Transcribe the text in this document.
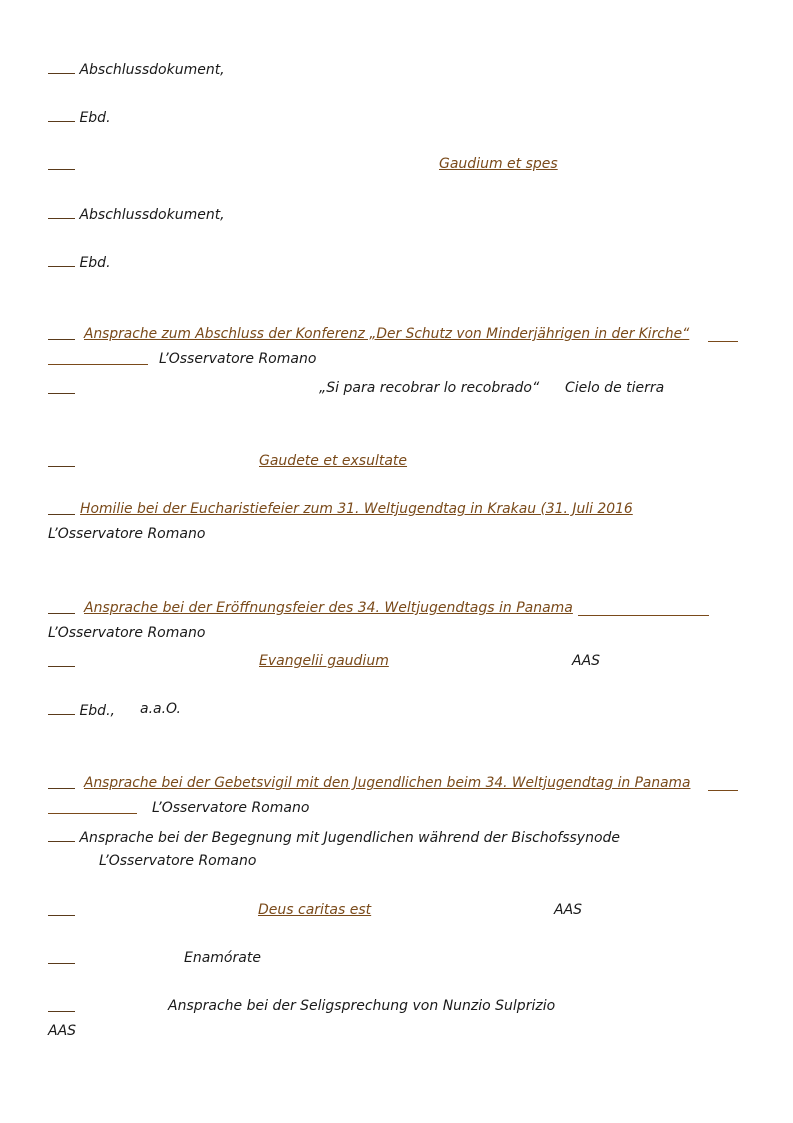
Abschlussdokument,
Ebd.
Gaudium et spes
Abschlussdokument,
Ebd.
Ansprache zum Abschluss der Konferenz „Der Schutz von Minderjährigen in der Kirche“
L’Osservatore Romano
„Si para recobrar lo recobrado“ Cielo de tierra
Gaudete et exsultate
Homilie bei der Eucharistiefeier zum 31. Weltjugendtag in Krakau (31. Juli 2016
L’Osservatore Romano
Ansprache bei der Eröffnungsfeier des 34. Weltjugendtags in Panama
L’Osservatore Romano
Evangelii gaudium	AAS
Ebd., a.a.O.
Ansprache bei der Gebetsvigil mit den Jugendlichen beim 34. Weltjugendtag in Panama
L’Osservatore Romano
Ansprache bei der Begegnung mit Jugendlichen während der Bischofssynode
L’Osservatore Romano
Deus caritas est	AAS
Enamórate
Ansprache bei der Seligsprechung von Nunzio Sulprizio
AAS
